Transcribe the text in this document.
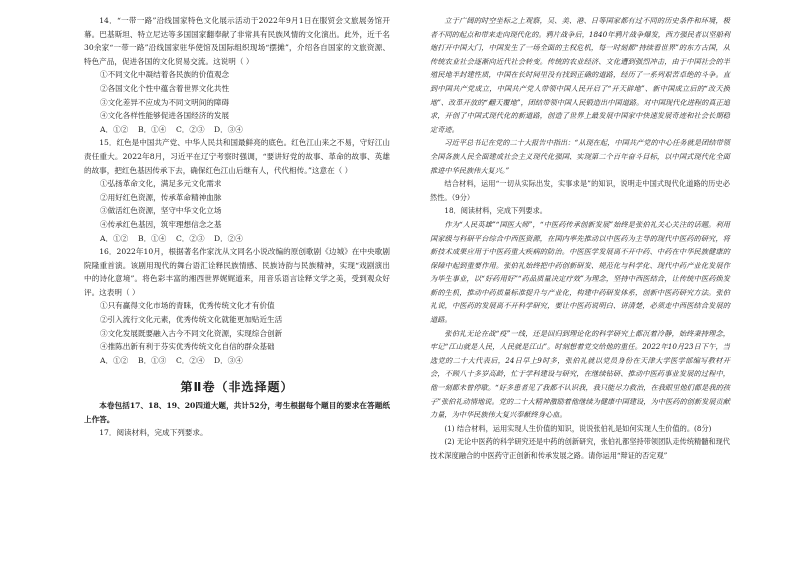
14．“一带一路”沿线国家特色文化展示活动于2022年9月1日在服贸会文旅展务馆开幕。巴基斯坦、特立尼达等多国国家翻奉献了非常具有民族风情的文化演出。此外，近千名30余家“一带一路”沿线国家驻华使馆及国际组织现场“摆摊”，介绍各自国家的文旅资源、特色产品，促进各国的文化贸易交流。这说明（ ）

①不同文化中凝结着各民族的价值观念
②各国文化个性中蕴含着世界文化共性
③文化差异不应成为不同文明间的障碍
④文化各样性能够促进各国经济的发展
A．①②	B．①④	C．②③	D．③④

15．红色是中国共产党、中华人民共和国最鲜亮的底色。红色江山来之不易，守好江山责任重大。2022年8月，习近平在辽宁考察时强调，“要讲好党的故事、革命的故事、英雄的故事，把红色基因传承下去，确保红色江山后继有人，代代相传。”这意在（ ）

①弘扬革命文化，满足多元文化需求
②用好红色资源，传承革命精神血脉
③做活红色资源，坚守中华文化立场
④传承红色基因，筑牢理想信念之基
A．①②	B．①④	C．②③	D．②④

16．2022年10月，根据著名作家沈从文同名小说改编的原创歌剧《边城》在中央歌剧院隆重首演。该剧用现代的舞台语汇诠释民族情感、民族诗韵与民族精神，实现“戏剧演出中的诗化意境”。将色彩丰富的湘西世界娓娓道来，用音乐语言诠释文学之美，受到观众好评。这表明（ ）

①只有赢得文化市场的青睐，优秀传统文化才有价值
②引入流行文化元素，优秀传统文化就能更加贴近生活
③文化发展既要融入古今不同文化资源，实现综合创新
④推陈出新有利于芬实优秀传统文化自信的群众基础
A．①②	B．①③	C．②④	D．③④
第Ⅱ卷（非选择题）

本卷包括17、18、19、20四道大题，共计52分，考生根据每个题目的要求在答题纸上作答。

17．阅读材料，完成下列要求。

立于广阔的时空坐标之上观察，吴、美、港、日等国家都有过不同的历史条件和环境，极者不同的起点和带来走向现代化的。鸦片战争后，1840年鸦片战争爆发，西方强民者以坚船利炮打开中国大门，中国发生了一场全面的主权危机，每一时刻都“持续看世界”的东方古国，从传统农业社会逐渐向近代社会转变。传统的农业经济、文化遭到强烈冲击，由于中国社会的半殖民地半封建性质，中国在长时间里没有找到正确的道路，经历了一系列艰苦卓绝的斗争。直到中国共产党成立，中国共产党人带领中国人民开启了“开天辟地”、新中国成立后的“改天换地”、改革开放的“翻天覆地”，团结带领中国人民锻造出中国道路。对中国现代化进程的真正追求，开创了中国式现代化的新道路，创造了世界上最发展中国家中快速发展奇迹和社会长期稳定奇迹。

习近平总书记在党的二十大报告中指出：“从现在起，中国共产党的中心任务就是团结带领全国各族人民全面建成社会主义现代化强国、实现第二个百年奋斗目标，以中国式现代化全面推进中华民族伟大复兴。”

结合材料，运用“一切从实际出发，实事求是”的知识，说明走中国式现代化道路的历史必然性。（9分）

18．阅读材料，完成下列要求。

作为“人民英雄”“国医大师”，“中医药传承创新发展”始终是张伯礼关心关注的话题。利用国家级与科研平台综合中西医资源，在国内率先推动以中医药为主导的现代中医药的研究，将新技术成果应用于中医药重大疾病的防治。中医医学发展离不开中药、中药在中华民族健康的保障中起到重要作用。张伯礼始终把中药创新研发、规范化与科学化、现代中药产业化发展作为毕生事业，以“好药用好”“药品质量决定疗效”为理念，坚持中西医结合，让传统中医药焕发新的生机，推动中药质量标准提升与产业化，构建中药研发体系，创新中医药研究方法。张伯礼说，中医药的发展离不开科学研究，要让中医药说明白、讲清楚，必须走中西医结合发展的道路。

张伯礼无论在战“疫”一线，还是回归到理论化的科学研究上都沉着冷静，始终秉持理念，牢记“江山就是人民，人民就是江山”。时刻想着党交给他的重任。2022年10月23日下午，当选党的二十大代表后，24日早上9时多，张伯礼就以党员身份在天津大学医学部编写教材开会，不顾八十多岁高龄，忙于学科建设与研究，在继续钻研、推动中医药事业发展的过程中，他一刻都未曾停歇。“好多患者见了我都不认识我，我只能尽力救治，在我眼里他们都是我的孩子”张伯礼动情地说。党的二十大精神激励着他继续为健康中国建设，为中医药的创新发展贡献力量，为中华民族伟大复兴奉献终身心血。

(1) 结合材料，运用实现人生价值的知识，说说张伯礼是如何实现人生价值的。(8分)

(2) 无论中医药的科学研究还是中药的创新研究，张伯礼都坚持带领团队走传统精髓和现代技术深度融合的中医药守正创新和传承发展之路。请你运用“辩证的否定观”
